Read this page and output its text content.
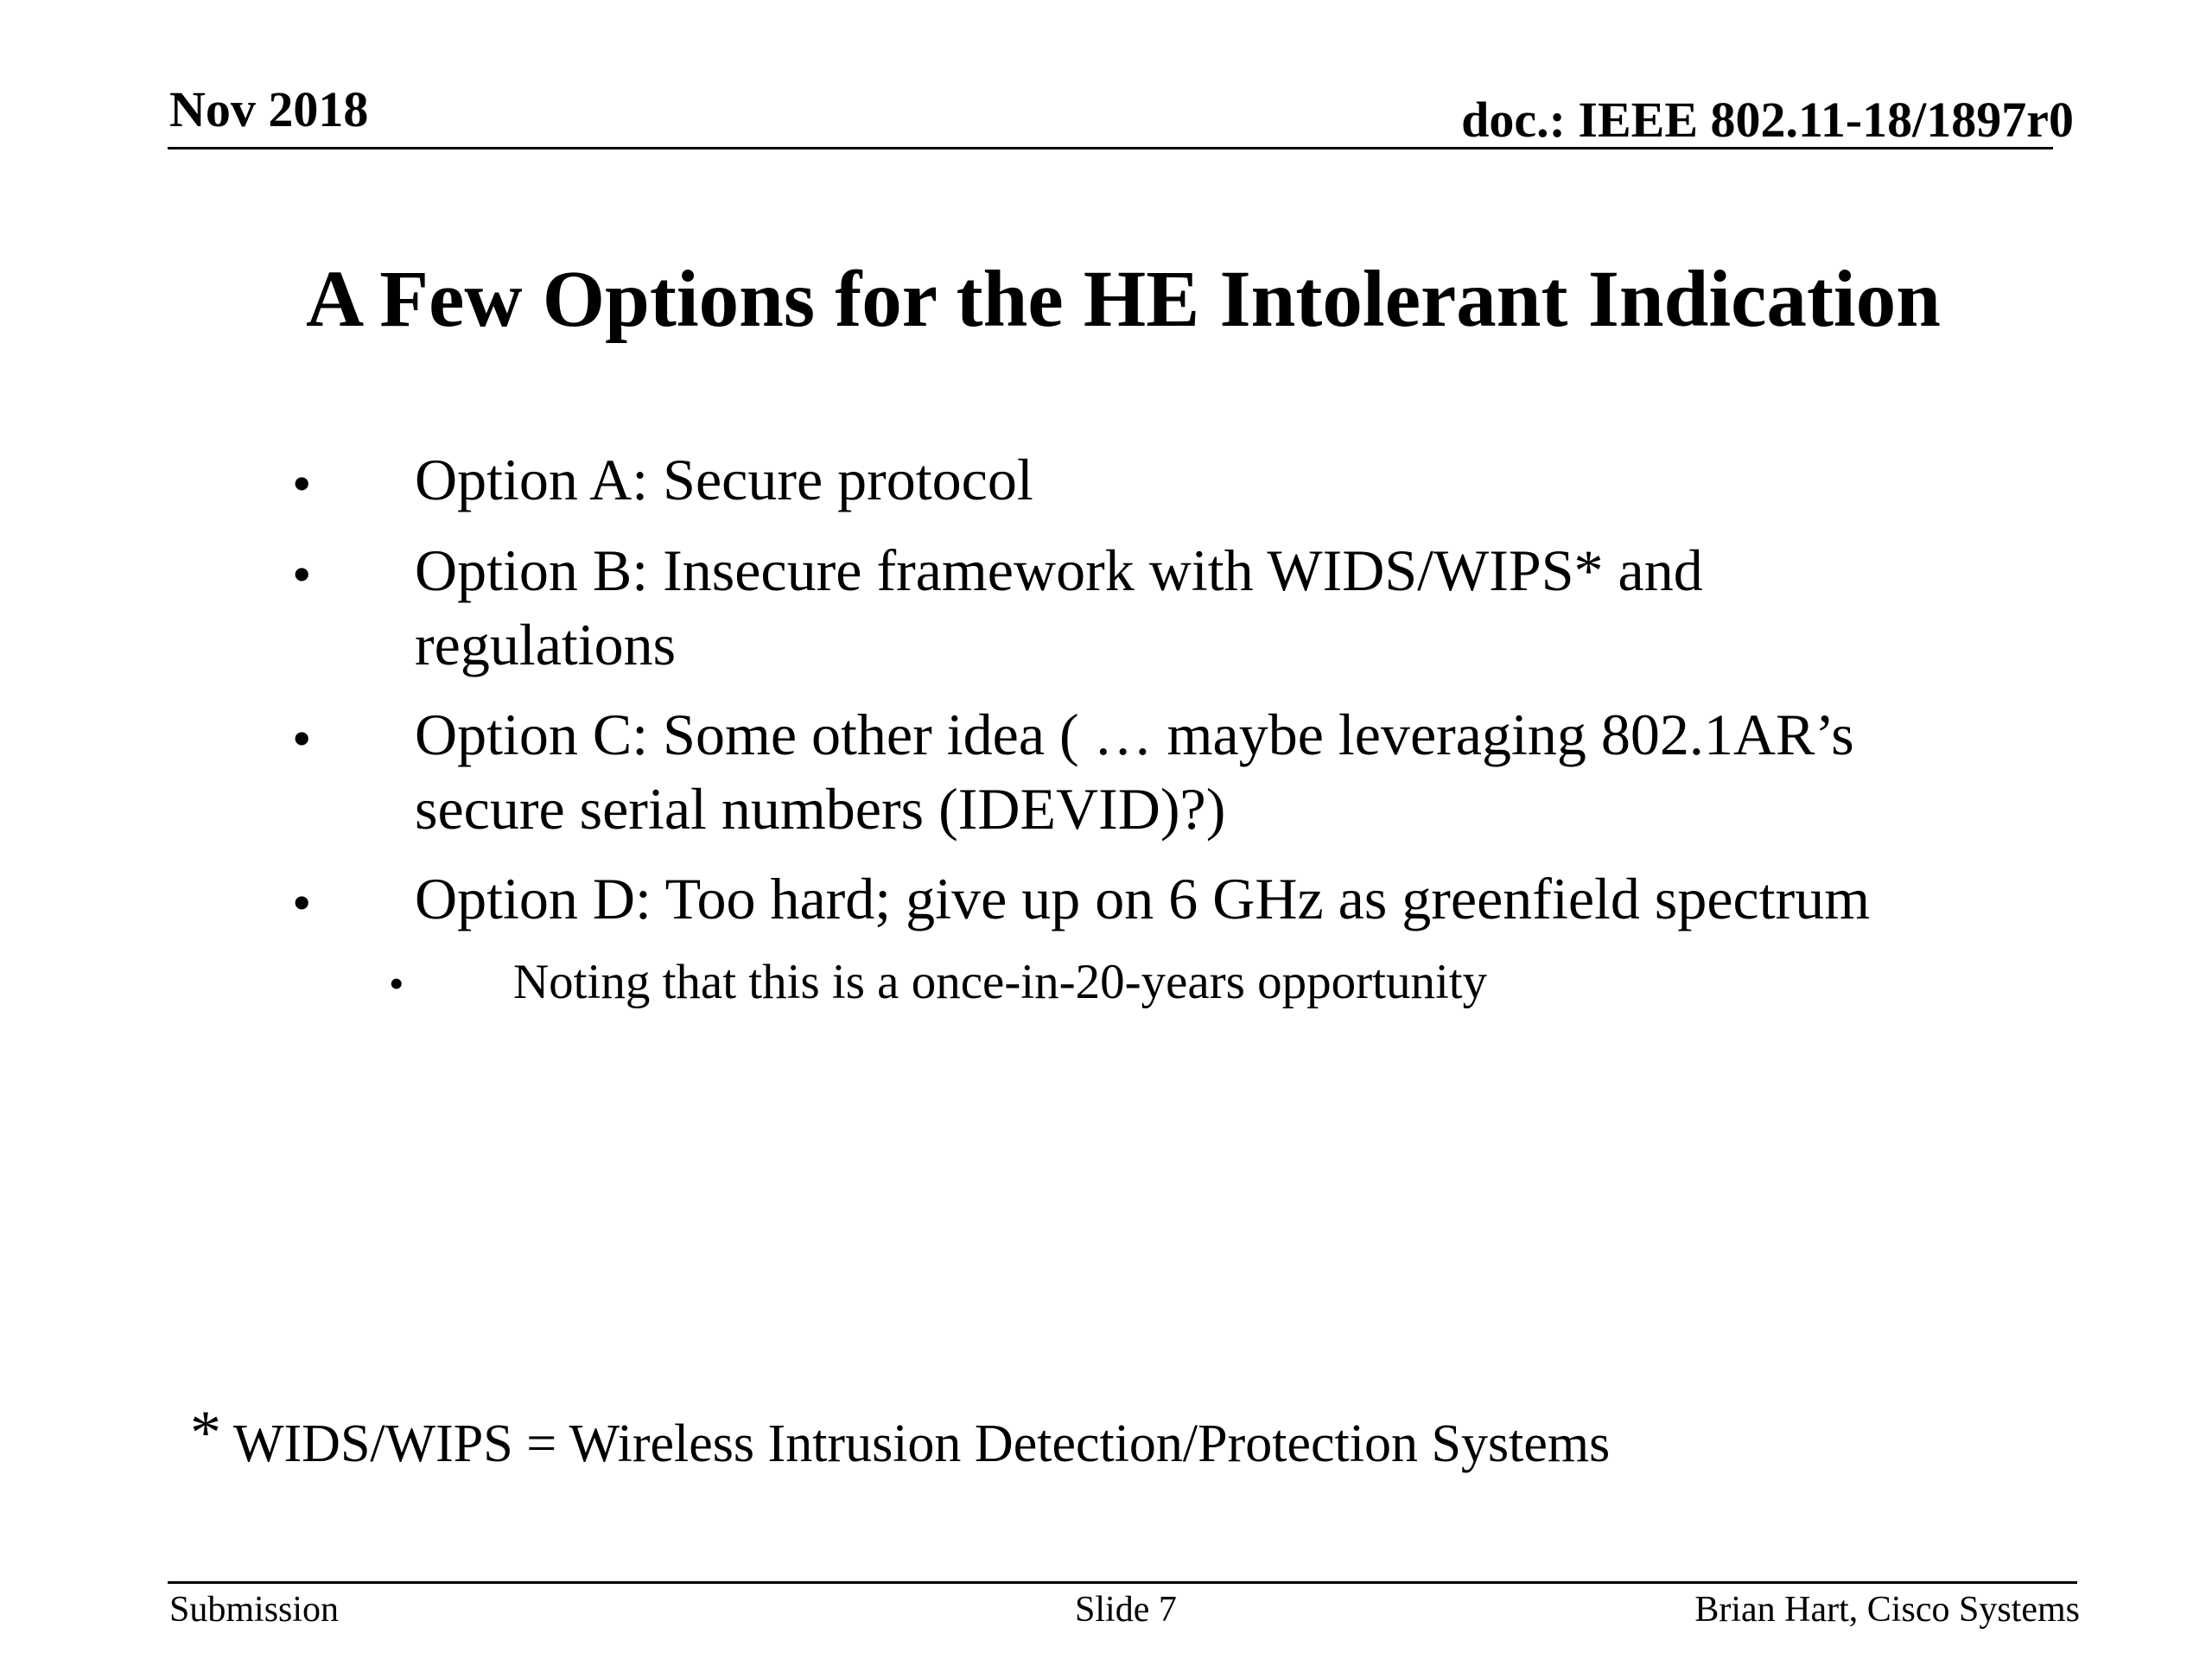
Nov 2018	doc.: IEEE 802.11-18/1897r0
A Few Options for the HE Intolerant Indication
• Option A: Secure protocol
• Option B: Insecure framework with WIDS/WIPS* and regulations
• Option C: Some other idea ( … maybe leveraging 802.1AR’s secure serial numbers (IDEVID)?)
• Option D: Too hard; give up on 6 GHz as greenfield spectrum
• Noting that this is a once-in-20-years opportunity
* WIDS/WIPS = Wireless Intrusion Detection/Protection Systems
Submission	Slide 7	Brian Hart, Cisco Systems
